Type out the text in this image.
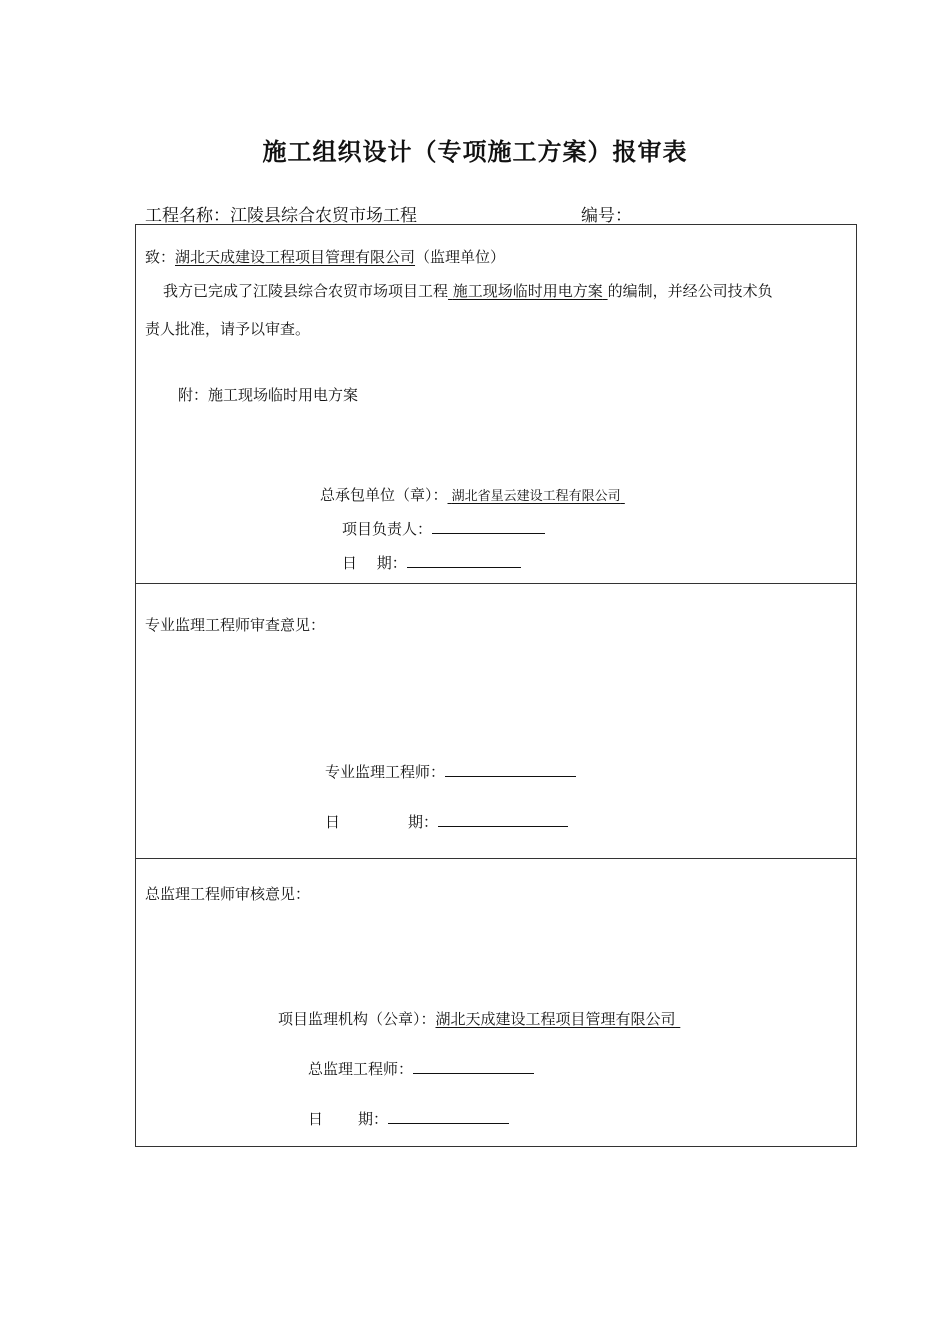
施工组织设计（专项施工方案）报审表
工程名称：江陵县综合农贸市场工程	编号：
致：湖北天成建设工程项目管理有限公司（监理单位）
我方已完成了江陵县综合农贸市场项目工程 施工现场临时用电方案 的编制，并经公司技术负
责人批准，请予以审查。
附：施工现场临时用电方案
总承包单位（章）： 湖北省星云建设工程有限公司
项目负责人：
日　 期：
专业监理工程师审查意见：
专业监理工程师：
日	期：
总监理工程师审核意见：
项目监理机构（公章）：湖北天成建设工程项目管理有限公司
总监理工程师：
日 期：
